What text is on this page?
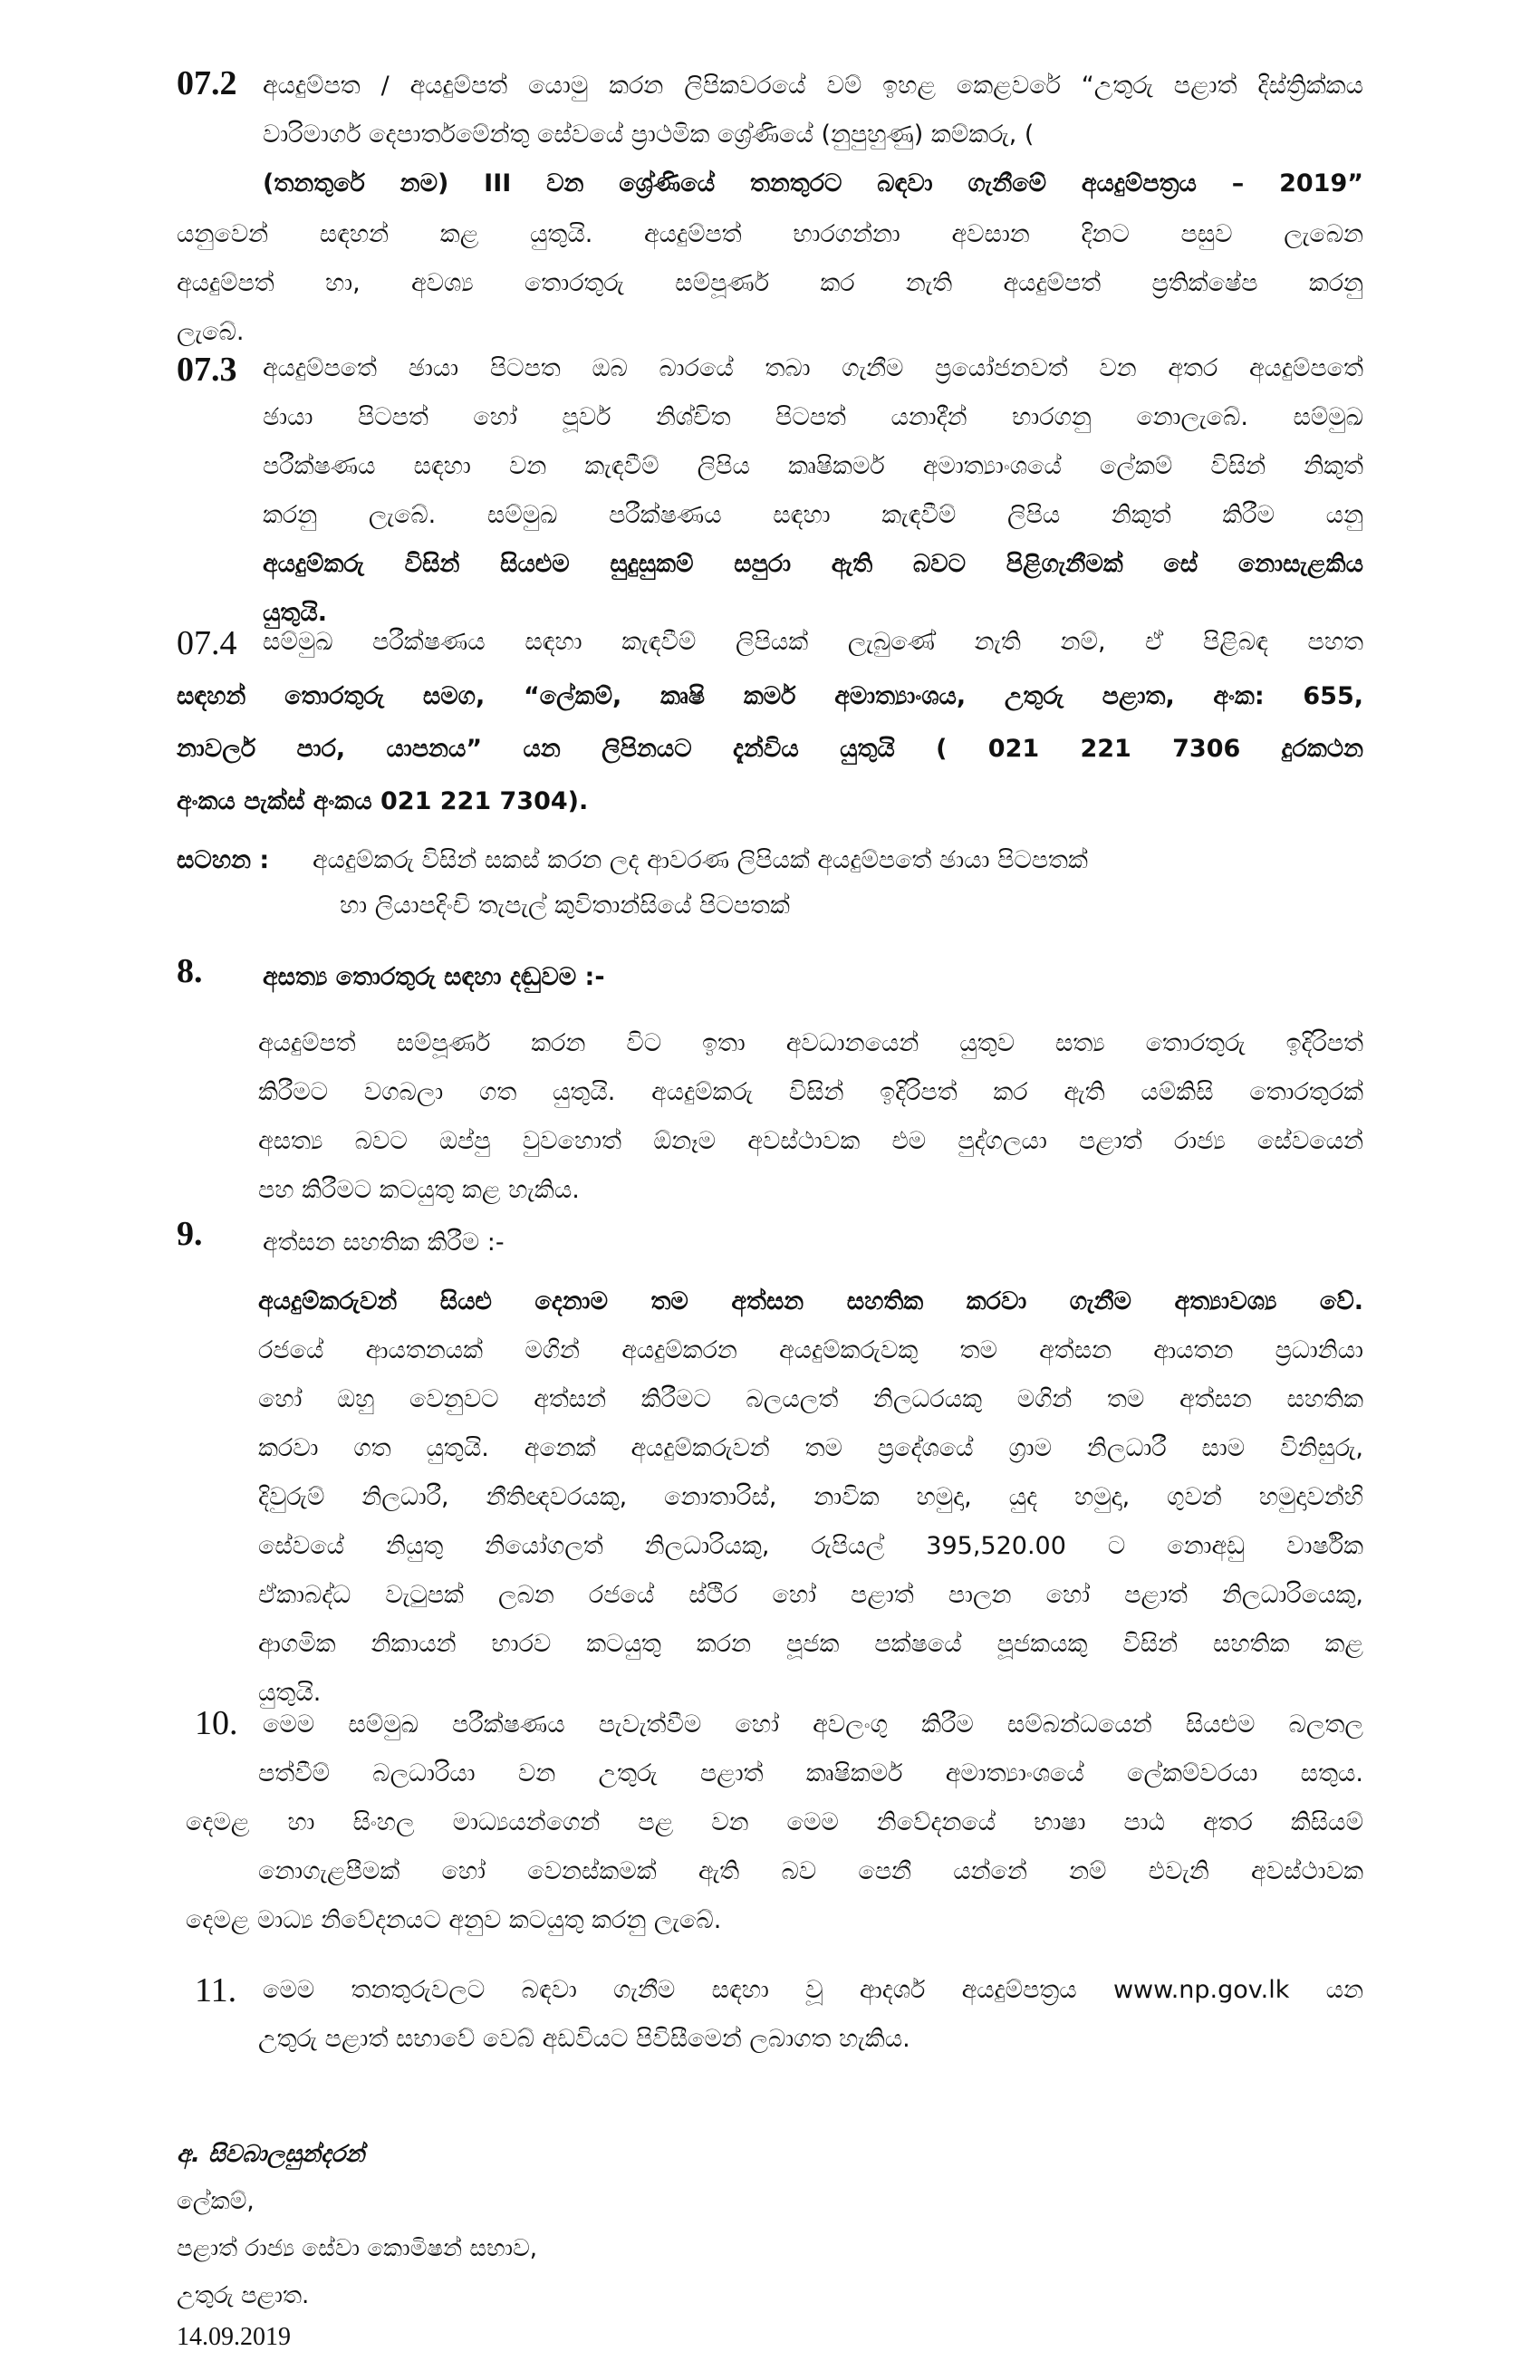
07.2 අයදුම්පත / අයදුම්පත් යොමු කරන ලිපිකවරයේ වම් ඉහළ කෙළවරේ “උතුරු පළාත් දිස්ත්‍රික්කය
වාරිමාර්ග දෙපාර්තමේන්තු සේවයේ ප්‍රාථමික ශ්‍රේණියේ (නුපුහුණු) කම්කරු, (
(තනතුරේ නම) III වන ශ්‍රේණියේ තනතුරට බඳවා ගැනීමේ අයදුම්පත්‍රය – 2019”
යනුවෙන් සඳහන් කළ යුතුයි. අයදුම්පත් භාරගන්නා අවසාන දිනට පසුව ලැබෙන
අයදුම්පත් හා, අවශ්‍ය තොරතුරු සම්පූර්ණ කර නැති අයදුම්පත් ප්‍රතික්ෂේප කරනු
ලැබේ.
07.3 අයදුම්පතේ ඡායා පිටපත ඔබ බාරයේ තබා ගැනීම ප්‍රයෝජනවත් වන අතර අයදුම්පතේ
ඡායා පිටපත් හෝ පූර්ව නිශ්චිත පිටපත් යනාදීන් භාරගනු නොලැබේ. සම්මුඛ
පරීක්ෂණය සඳහා වන කැඳවීම් ලිපිය කෘෂිකර්ම අමාත්‍යාංශයේ ලේකම් විසින් නිකුත්
කරනු ලැබේ. සම්මුඛ පරීක්ෂණය සඳහා කැඳවීම් ලිපිය නිකුත් කිරීම යනු
අයදුම්කරු විසින් සියළුම සුදුසුකම් සපුරා ඇති බවට පිළිගැනීමක් සේ නොසැළකිය
යුතුයි.
07.4 සම්මුඛ පරීක්ෂණය සඳහා කැඳවීම් ලිපියක් ලැබුණේ නැති නම්, ඒ පිළිබඳ පහත
සඳහන් තොරතුරු සමග, “ලේකම්, කෘෂි කර්ම අමාත්‍යාංශය, උතුරු පළාත, අංක: 655,
නාවලර් පාර, යාපනය” යන ලිපිනයට දැන්විය යුතුයි ( 021 221 7306 දුරකථන
අංකය පැක්ස් අංකය 021 221 7304).
සටහන : අයදුම්කරු විසින් සකස් කරන ලද ආවරණ ලිපියක් අයදුම්පතේ ඡායා පිටපතක්
හා ලියාපදිංචි තැපැල් කුවිතාන්සියේ පිටපතක්
8. අසත්‍ය තොරතුරු සඳහා දඬුවම :-
අයදුම්පත් සම්පූර්ණ කරන විට ඉතා අවධානයෙන් යුතුව සත්‍ය තොරතුරු ඉදිරිපත්
කිරීමට වගබලා ගත යුතුයි. අයදුම්කරු විසින් ඉදිරිපත් කර ඇති යම්කිසි තොරතුරක්
අසත්‍ය බවට ඔප්පු වුවහොත් ඕනෑම අවස්ථාවක එම පුද්ගලයා පළාත් රාජ්‍ය සේවයෙන්
පහ කිරීමට කටයුතු කළ හැකිය.
9. අත්සන සහතික කිරීම :-
අයදුම්කරුවන් සියළු දෙනාම තම අත්සන සහතික කරවා ගැනීම අත්‍යාවශ්‍ය වේ.
රජයේ ආයතනයක් මගින් අයදුම්කරන අයදුම්කරුවකු තම අත්සන ආයතන ප්‍රධානියා
හෝ ඔහු වෙනුවට අත්සන් කිරීමට බලයලත් නිලධරයකු මගින් තම අත්සන සහතික
කරවා ගත යුතුයි. අනෙක් අයදුම්කරුවන් තම ප්‍රදේශයේ ග්‍රාම නිලධාරී සාම විනිසුරු,
දිවුරුම් නිලධාරී, නීතිඥවරයකු, නොතාරිස්, නාවික හමුදා, යුද හමුදා, ගුවන් හමුදාවන්හි
සේවයේ නියුතු නියෝගලත් නිලධාරියකු, රුපියල් 395,520.00 ට නොඅඩු වාර්ෂික
ඒකාබද්ධ වැටුපක් ලබන රජයේ ස්ථිර හෝ පළාත් පාලන හෝ පළාත් නිලධාරියෙකු,
ආගමික නිකායන් භාරව කටයුතු කරන පූජක පක්ෂයේ පූජකයකු විසින් සහතික කළ
යුතුයි.
10. මෙම සම්මුඛ පරීක්ෂණය පැවැත්වීම හෝ අවලංගු කිරීම සම්බන්ධයෙන් සියළුම බලතල
පත්වීම් බලධාරියා වන උතුරු පළාත් කෘෂිකර්ම අමාත්‍යාංශයේ ලේකම්වරයා සතුය.
දෙමළ හා සිංහල මාධ්‍යයන්ගෙන් පළ වන මෙම නිවේදනයේ භාෂා පාඨ අතර කිසියම්
නොගැළපීමක් හෝ වෙනස්කමක් ඇති බව පෙනී යන්නේ නම් එවැනි අවස්ථාවක
දෙමළ මාධ්‍ය නිවේදනයට අනුව කටයුතු කරනු ලැබේ.
11. මෙම තනතුරුවලට බඳවා ගැනීම සඳහා වූ ආදර්ශ අයදුම්පත්‍රය www.np.gov.lk යන
උතුරු පළාත් සභාවේ වෙබ් අඩවියට පිවිසීමෙන් ලබාගත හැකිය.
අ. සිවබාලසුන්දරන්
ලේකම්,
පළාත් රාජ්‍ය සේවා කොමිෂන් සභාව,
උතුරු පළාත.
14.09.2019
